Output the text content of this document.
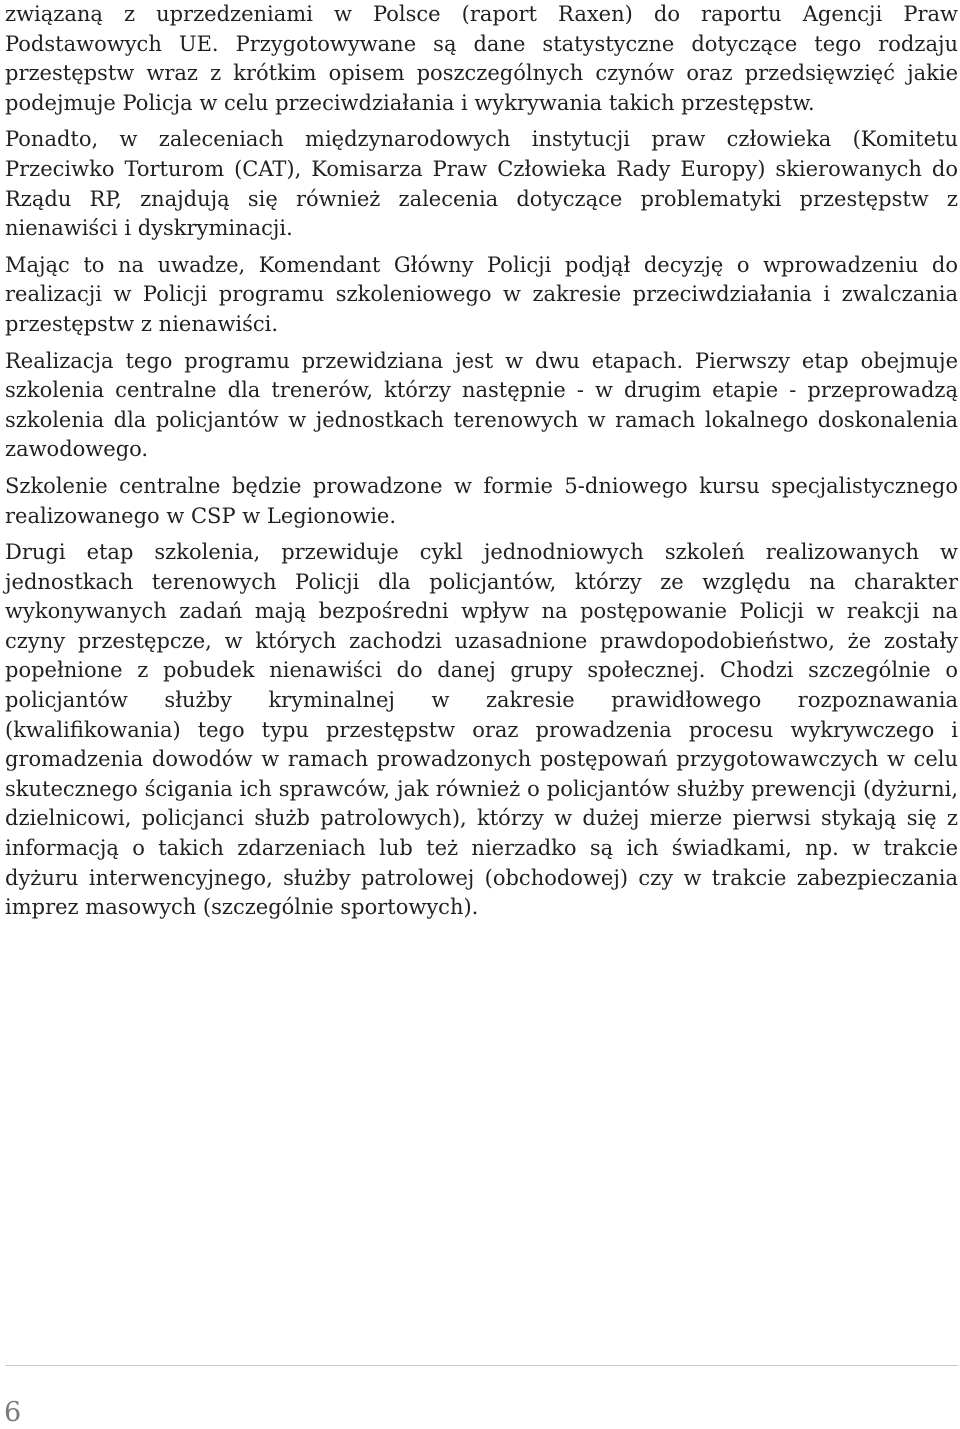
związaną z uprzedzeniami w Polsce (raport Raxen) do raportu Agencji Praw Podstawowych UE. Przygotowywane są dane statystyczne dotyczące tego rodzaju przestępstw wraz z krótkim opisem poszczególnych czynów oraz przedsięwzięć jakie podejmuje Policja w celu przeciwdziałania i wykrywania takich przestępstw.

Ponadto, w zaleceniach międzynarodowych instytucji praw człowieka (Komitetu Przeciwko Torturom (CAT), Komisarza Praw Człowieka Rady Europy) skierowanych do Rządu RP, znajdują się również zalecenia dotyczące problematyki przestępstw z nienawiści i dyskryminacji.

Mając to na uwadze, Komendant Główny Policji podjął decyzję o wprowadzeniu do realizacji w Policji programu szkoleniowego w zakresie przeciwdziałania i zwalczania przestępstw z nienawiści.

Realizacja tego programu przewidziana jest w dwu etapach. Pierwszy etap obejmuje szkolenia centralne dla trenerów, którzy następnie - w drugim etapie - przeprowadzą szkolenia dla policjantów w jednostkach terenowych w ramach lokalnego doskonalenia zawodowego.

Szkolenie centralne będzie prowadzone w formie 5-dniowego kursu specjalistycznego realizowanego w CSP w Legionowie.

Drugi etap szkolenia, przewiduje cykl jednodniowych szkoleń realizowanych w jednostkach terenowych Policji dla policjantów, którzy ze względu na charakter wykonywanych zadań mają bezpośredni wpływ na postępowanie Policji w reakcji na czyny przestępcze, w których zachodzi uzasadnione prawdopodobieństwo, że zostały popełnione z pobudek nienawiści do danej grupy społecznej. Chodzi szczególnie o policjantów służby kryminalnej w zakresie prawidłowego rozpoznawania (kwalifikowania) tego typu przestępstw oraz prowadzenia procesu wykrywczego i gromadzenia dowodów w ramach prowadzonych postępowań przygotowawczych w celu skutecznego ścigania ich sprawców, jak również o policjantów służby prewencji (dyżurni, dzielnicowi, policjanci służb patrolowych), którzy w dużej mierze pierwsi stykają się z informacją o takich zdarzeniach lub też nierzadko są ich świadkami, np. w trakcie dyżuru interwencyjnego, służby patrolowej (obchodowej) czy w trakcie zabezpieczania imprez masowych (szczególnie sportowych).

6
